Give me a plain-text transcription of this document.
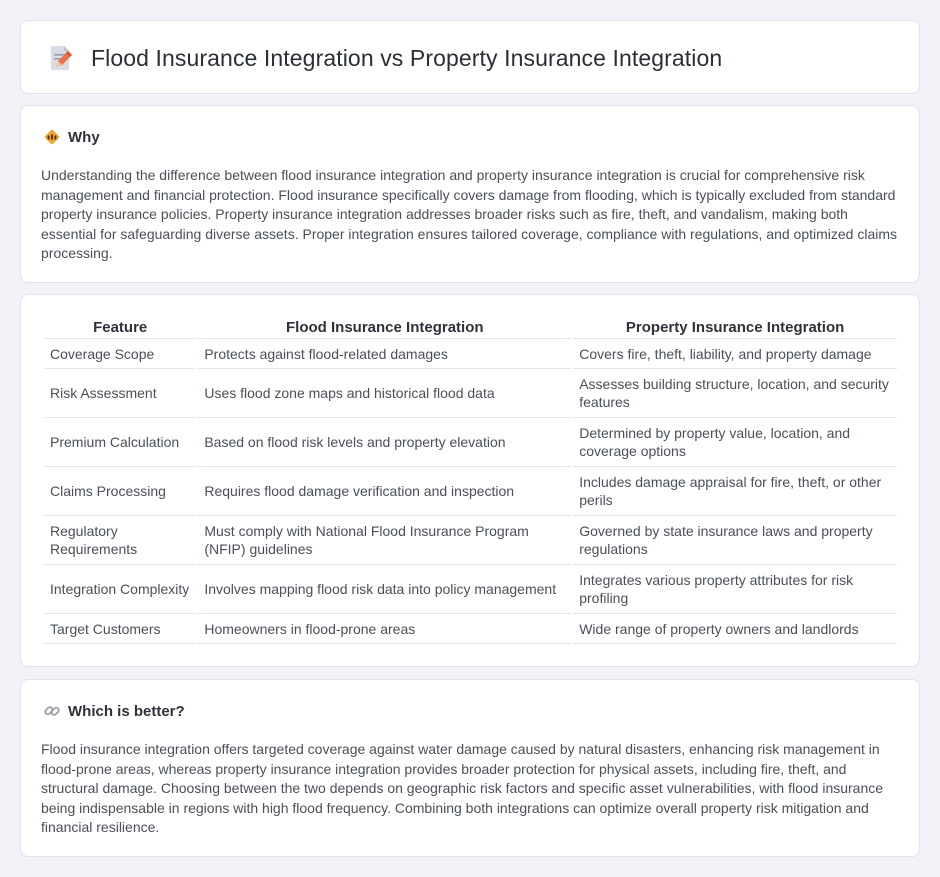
Flood Insurance Integration vs Property Insurance Integration
Why

Understanding the difference between flood insurance integration and property insurance integration is crucial for comprehensive risk management and financial protection. Flood insurance specifically covers damage from flooding, which is typically excluded from standard property insurance policies. Property insurance integration addresses broader risks such as fire, theft, and vandalism, making both essential for safeguarding diverse assets. Proper integration ensures tailored coverage, compliance with regulations, and optimized claims processing.

Feature	Flood Insurance Integration	Property Insurance Integration
Coverage Scope	Protects against flood-related damages	Covers fire, theft, liability, and property damage
Risk Assessment	Uses flood zone maps and historical flood data	Assesses building structure, location, and security features
Premium Calculation	Based on flood risk levels and property elevation	Determined by property value, location, and coverage options
Claims Processing	Requires flood damage verification and inspection	Includes damage appraisal for fire, theft, or other perils
Regulatory Requirements	Must comply with National Flood Insurance Program (NFIP) guidelines	Governed by state insurance laws and property regulations
Integration Complexity	Involves mapping flood risk data into policy management	Integrates various property attributes for risk profiling
Target Customers	Homeowners in flood-prone areas	Wide range of property owners and landlords
Which is better?

Flood insurance integration offers targeted coverage against water damage caused by natural disasters, enhancing risk management in flood-prone areas, whereas property insurance integration provides broader protection for physical assets, including fire, theft, and structural damage. Choosing between the two depends on geographic risk factors and specific asset vulnerabilities, with flood insurance being indispensable in regions with high flood frequency. Combining both integrations can optimize overall property risk mitigation and financial resilience.
